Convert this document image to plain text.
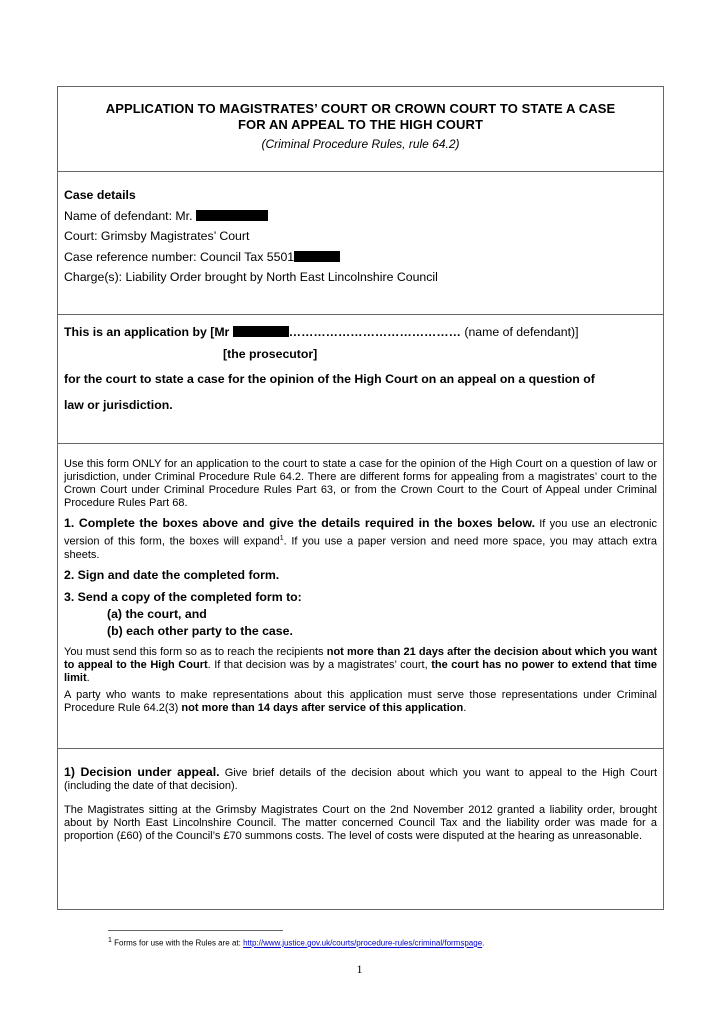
APPLICATION TO MAGISTRATES’ COURT OR CROWN COURT TO STATE A CASE
FOR AN APPEAL TO THE HIGH COURT
(Criminal Procedure Rules, rule 64.2)
Case details
Name of defendant: Mr.
Court: Grimsby Magistrates’ Court
Case reference number: Council Tax 5501
Charge(s): Liability Order brought by North East Lincolnshire Council
This is an application by [Mr	…………………………………… (name of defendant)]
[the prosecutor]
for the court to state a case for the opinion of the High Court on an appeal on a question of
law or jurisdiction.

Use this form ONLY for an application to the court to state a case for the opinion of the High Court on a question of law or jurisdiction, under Criminal Procedure Rule 64.2. There are different forms for appealing from a magistrates’ court to the Crown Court under Criminal Procedure Rules Part 63, or from the Crown Court to the Court of Appeal under Criminal Procedure Rules Part 68.

1. Complete the boxes above and give the details required in the boxes below. If you use an electronic version of this form, the boxes will expand$^1$. If you use a paper version and need more space, you may attach extra sheets.

2. Sign and date the completed form.
3. Send a copy of the completed form to:
(a) the court, and
(b) each other party to the case.

You must send this form so as to reach the recipients not more than 21 days after the decision about which you want to appeal to the High Court. If that decision was by a magistrates’ court, the court has no power to extend that time limit.

A party who wants to make representations about this application must serve those representations under Criminal Procedure Rule 64.2(3) not more than 14 days after service of this application.

1) Decision under appeal. Give brief details of the decision about which you want to appeal to the High Court (including the date of that decision).

The Magistrates sitting at the Grimsby Magistrates Court on the 2nd November 2012 granted a liability order, brought about by North East Lincolnshire Council. The matter concerned Council Tax and the liability order was made for a proportion (£60) of the Council’s £70 summons costs. The level of costs were disputed at the hearing as unreasonable.

$^1$ Forms for use with the Rules are at: http://www.justice.gov.uk/courts/procedure-rules/criminal/formspage.
1
